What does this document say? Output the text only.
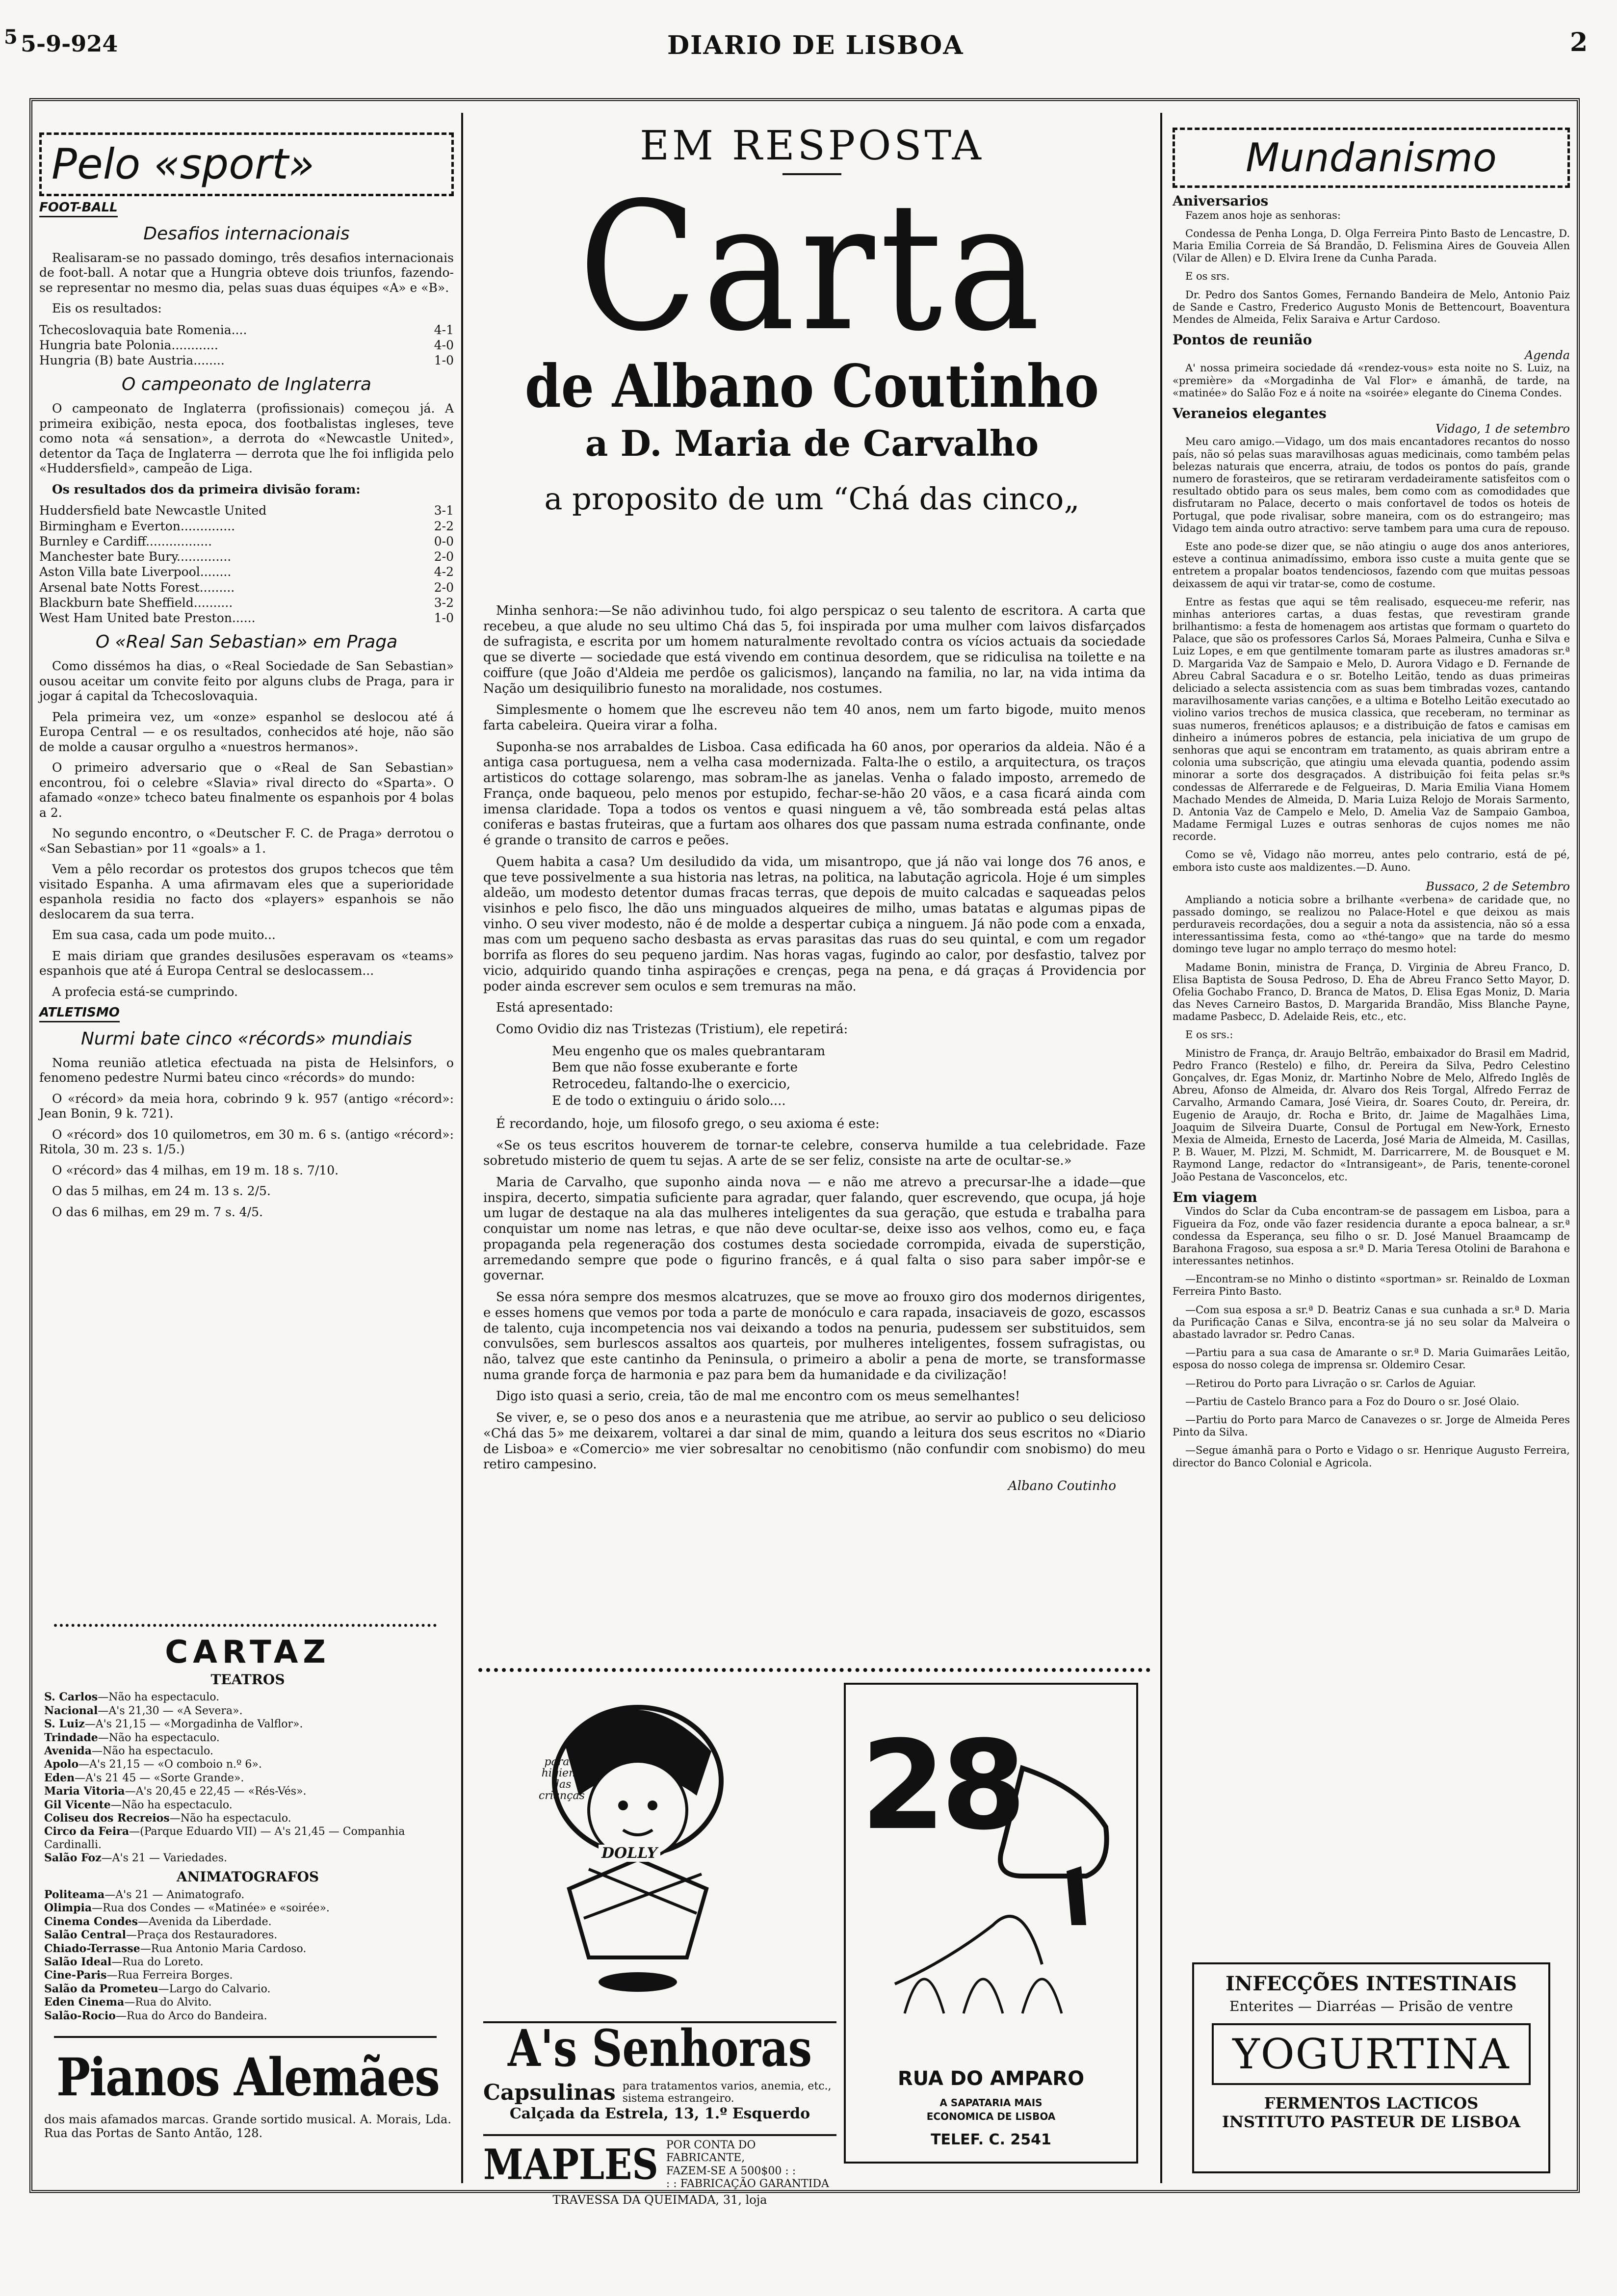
5 5-9-924	DIARIO DE LISBOA	2
Pelo «sport»
FOOT-BALL
Desafios internacionais

Realisaram-se no passado domingo, três desafios internacionais de foot-ball. A notar que a Hungria obteve dois triunfos, fazendo-se representar no mesmo dia, pelas suas duas équipes «A» e «B».

Eis os resultados:

Tchecoslovaquia bate Romenia....	4-1
Hungria bate Polonia............	4-0
Hungria (B) bate Austria........	1-0
O campeonato de Inglaterra

O campeonato de Inglaterra (profissionais) começou já. A primeira exibição, nesta epoca, dos footbalistas ingleses, teve como nota «á sensation», a derrota do «Newcastle United», detentor da Taça de Inglaterra — derrota que lhe foi infligida pelo «Huddersfield», campeão de Liga.

Os resultados dos da primeira divisão foram:

Huddersfield bate Newcastle United	3-1
Birmingham e Everton..............	2-2
Burnley e Cardiff.................	0-0
Manchester bate Bury..............	2-0
Aston Villa bate Liverpool........	4-2
Arsenal bate Notts Forest.........	2-0
Blackburn bate Sheffield..........	3-2
West Ham United bate Preston......	1-0
O «Real San Sebastian» em Praga

Como dissémos ha dias, o «Real Sociedade de San Sebastian» ousou aceitar um convite feito por alguns clubs de Praga, para ir jogar á capital da Tchecoslovaquia.

Pela primeira vez, um «onze» espanhol se deslocou até á Europa Central — e os resultados, conhecidos até hoje, não são de molde a causar orgulho a «nuestros hermanos».

O primeiro adversario que o «Real de San Sebastian» encontrou, foi o celebre «Slavia» rival directo do «Sparta». O afamado «onze» tcheco bateu finalmente os espanhois por 4 bolas a 2.

No segundo encontro, o «Deutscher F. C. de Praga» derrotou o «San Sebastian» por 11 «goals» a 1.

Vem a pêlo recordar os protestos dos grupos tchecos que têm visitado Espanha. A uma afirmavam eles que a superioridade espanhola residia no facto dos «players» espanhois se não deslocarem da sua terra.

Em sua casa, cada um pode muito...

E mais diriam que grandes desilusões esperavam os «teams» espanhois que até á Europa Central se deslocassem...

A profecia está-se cumprindo.

ATLETISMO
Nurmi bate cinco «récords» mundiais

Noma reunião atletica efectuada na pista de Helsinfors, o fenomeno pedestre Nurmi bateu cinco «récords» do mundo:

O «récord» da meia hora, cobrindo 9 k. 957 (antigo «récord»: Jean Bonin, 9 k. 721).

O «récord» dos 10 quilometros, em 30 m. 6 s. (antigo «récord»: Ritola, 30 m. 23 s. 1/5.)

O «récord» das 4 milhas, em 19 m. 18 s. 7/10.

O das 5 milhas, em 24 m. 13 s. 2/5.

O das 6 milhas, em 29 m. 7 s. 4/5.

CARTAZ
TEATROS
S. Carlos—Não ha espectaculo.
Nacional—A's 21,30 — «A Severa».
S. Luiz—A's 21,15 — «Morgadinha de Valflor».
Trindade—Não ha espectaculo.
Avenida—Não ha espectaculo.
Apolo—A's 21,15 — «O comboio n.º 6».
Eden—A's 21 45 — «Sorte Grande».
Maria Vitoria—A's 20,45 e 22,45 — «Rés-Vés».
Gil Vicente—Não ha espectaculo.
Coliseu dos Recreios—Não ha espectaculo.
Circo da Feira—(Parque Eduardo VII) — A's 21,45 — Companhia Cardinalli.
Salão Foz—A's 21 — Variedades.
ANIMATOGRAFOS
Politeama—A's 21 — Animatografo.
Olimpia—Rua dos Condes — «Matinée» e «soirée».
Cinema Condes—Avenida da Liberdade.
Salão Central—Praça dos Restauradores.
Chiado-Terrasse—Rua Antonio Maria Cardoso.
Salão Ideal—Rua do Loreto.
Cine-Paris—Rua Ferreira Borges.
Salão da Prometeu—Largo do Calvario.
Eden Cinema—Rua do Alvito.
Salão-Rocio—Rua do Arco do Bandeira.
Pianos Alemães

dos mais afamados marcas. Grande sortido musical. A. Morais, Lda. Rua das Portas de Santo Antão, 128.

EM RESPOSTA
Carta
de Albano Coutinho
a D. Maria de Carvalho
a proposito de um “Chá das cinco„

Minha senhora:—Se não adivinhou tudo, foi algo perspicaz o seu talento de escritora. A carta que recebeu, a que alude no seu ultimo Chá das 5, foi inspirada por uma mulher com laivos disfarçados de sufragista, e escrita por um homem naturalmente revoltado contra os vícios actuais da sociedade que se diverte — sociedade que está vivendo em continua desordem, que se ridiculisa na toilette e na coiffure (que João d'Aldeia me perdôe os galicismos), lançando na familia, no lar, na vida intima da Nação um desiquilibrio funesto na moralidade, nos costumes.

Simplesmente o homem que lhe escreveu não tem 40 anos, nem um farto bigode, muito menos farta cabeleira. Queira virar a folha.

Suponha-se nos arrabaldes de Lisboa. Casa edificada ha 60 anos, por operarios da aldeia. Não é a antiga casa portuguesa, nem a velha casa modernizada. Falta-lhe o estilo, a arquitectura, os traços artisticos do cottage solarengo, mas sobram-lhe as janelas. Venha o falado imposto, arremedo de França, onde baqueou, pelo menos por estupido, fechar-se-hão 20 vãos, e a casa ficará ainda com imensa claridade. Topa a todos os ventos e quasi ninguem a vê, tão sombreada está pelas altas coniferas e bastas fruteiras, que a furtam aos olhares dos que passam numa estrada confinante, onde é grande o transito de carros e peões.

Quem habita a casa? Um desiludido da vida, um misantropo, que já não vai longe dos 76 anos, e que teve possivelmente a sua historia nas letras, na politica, na labutação agricola. Hoje é um simples aldeão, um modesto detentor dumas fracas terras, que depois de muito calcadas e saqueadas pelos visinhos e pelo fisco, lhe dão uns minguados alqueires de milho, umas batatas e algumas pipas de vinho. O seu viver modesto, não é de molde a despertar cubiça a ninguem. Já não pode com a enxada, mas com um pequeno sacho desbasta as ervas parasitas das ruas do seu quintal, e com um regador borrifa as flores do seu pequeno jardim. Nas horas vagas, fugindo ao calor, por desfastio, talvez por vicio, adquirido quando tinha aspirações e crenças, pega na pena, e dá graças á Providencia por poder ainda escrever sem oculos e sem tremuras na mão.

Está apresentado:

Como Ovidio diz nas Tristezas (Tristium), ele repetirá:

Meu engenho que os males quebrantaram
Bem que não fosse exuberante e forte
Retrocedeu, faltando-lhe o exercicio,
E de todo o extinguiu o árido solo....

É recordando, hoje, um filosofo grego, o seu axioma é este:

«Se os teus escritos houverem de tornar-te celebre, conserva humilde a tua celebridade. Faze sobretudo misterio de quem tu sejas. A arte de se ser feliz, consiste na arte de ocultar-se.»

Maria de Carvalho, que suponho ainda nova — e não me atrevo a precursar-lhe a idade—que inspira, decerto, simpatia suficiente para agradar, quer falando, quer escrevendo, que ocupa, já hoje um lugar de destaque na ala das mulheres inteligentes da sua geração, que estuda e trabalha para conquistar um nome nas letras, e que não deve ocultar-se, deixe isso aos velhos, como eu, e faça propaganda pela regeneração dos costumes desta sociedade corrompida, eivada de superstição, arremedando sempre que pode o figurino francês, e á qual falta o siso para saber impôr-se e governar.

Se essa nóra sempre dos mesmos alcatruzes, que se move ao frouxo giro dos modernos dirigentes, e esses homens que vemos por toda a parte de monóculo e cara rapada, insaciaveis de gozo, escassos de talento, cuja incompetencia nos vai deixando a todos na penuria, pudessem ser substituidos, sem convulsões, sem burlescos assaltos aos quarteis, por mulheres inteligentes, fossem sufragistas, ou não, talvez que este cantinho da Peninsula, o primeiro a abolir a pena de morte, se transformasse numa grande força de harmonia e paz para bem da humanidade e da civilização!

Digo isto quasi a serio, creia, tão de mal me encontro com os meus semelhantes!

Se viver, e, se o peso dos anos e a neurastenia que me atribue, ao servir ao publico o seu delicioso «Chá das 5» me deixarem, voltarei a dar sinal de mim, quando a leitura dos seus escritos no «Diario de Lisboa» e «Comercio» me vier sobresaltar no cenobitismo (não confundir com snobismo) do meu retiro campesino.

Albano Coutinho
para a
higiene
das
crianças
DOLLY 28
RUA DO AMPARO
A SAPATARIA MAIS
ECONOMICA DE LISBOA
TELEF. C. 2541
A's Senhoras
Capsulinas para tratamentos varios, anemia, etc., sistema estrangeiro.
Calçada da Estrela, 13, 1.º Esquerdo
MAPLES POR CONTA DO FABRICANTE,
FAZEM-SE A 500$00 : :
: : FABRICAÇÃO GARANTIDA
TRAVESSA DA QUEIMADA, 31, loja
Mundanismo
Aniversarios

Fazem anos hoje as senhoras:

Condessa de Penha Longa, D. Olga Ferreira Pinto Basto de Lencastre, D. Maria Emilia Correia de Sá Brandão, D. Felismina Aires de Gouveia Allen (Vilar de Allen) e D. Elvira Irene da Cunha Parada.

E os srs.

Dr. Pedro dos Santos Gomes, Fernando Bandeira de Melo, Antonio Paiz de Sande e Castro, Frederico Augusto Monis de Bettencourt, Boaventura Mendes de Almeida, Felix Saraiva e Artur Cardoso.

Pontos de reunião
Agenda

A' nossa primeira sociedade dá «rendez-vous» esta noite no S. Luiz, na «première» da «Morgadinha de Val Flor» e ámanhã, de tarde, na «matinée» do Salão Foz e á noite na «soirée» elegante do Cinema Condes.

Veraneios elegantes
Vidago, 1 de setembro

Meu caro amigo.—Vidago, um dos mais encantadores recantos do nosso país, não só pelas suas maravilhosas aguas medicinais, como também pelas belezas naturais que encerra, atraiu, de todos os pontos do país, grande numero de forasteiros, que se retiraram verdadeiramente satisfeitos com o resultado obtido para os seus males, bem como com as comodidades que disfrutaram no Palace, decerto o mais confortavel de todos os hoteis de Portugal, que pode rivalisar, sobre maneira, com os do estrangeiro; mas Vidago tem ainda outro atractivo: serve tambem para uma cura de repouso.

Este ano pode-se dizer que, se não atingiu o auge dos anos anteriores, esteve a continua animadíssimo, embora isso custe a muita gente que se entretem a propalar boatos tendenciosos, fazendo com que muitas pessoas deixassem de aqui vir tratar-se, como de costume.

Entre as festas que aqui se têm realisado, esqueceu-me referir, nas minhas anteriores cartas, a duas festas, que revestiram grande brilhantismo: a festa de homenagem aos artistas que formam o quarteto do Palace, que são os professores Carlos Sá, Moraes Palmeira, Cunha e Silva e Luiz Lopes, e em que gentilmente tomaram parte as ilustres amadoras sr.ª D. Margarida Vaz de Sampaio e Melo, D. Aurora Vidago e D. Fernande de Abreu Cabral Sacadura e o sr. Botelho Leitão, tendo as duas primeiras deliciado a selecta assistencia com as suas bem timbradas vozes, cantando maravilhosamente varias canções, e a ultima e Botelho Leitão executado ao violino varios trechos de musica classica, que receberam, no terminar as suas numeros, frenéticos aplausos; e a distribuição de fatos e camisas em dinheiro a inúmeros pobres de estancia, pela iniciativa de um grupo de senhoras que aqui se encontram em tratamento, as quais abriram entre a colonia uma subscrição, que atingiu uma elevada quantia, podendo assim minorar a sorte dos desgraçados. A distribuição foi feita pelas sr.ªs condessas de Alferrarede e de Felgueiras, D. Maria Emilia Viana Homem Machado Mendes de Almeida, D. Maria Luiza Relojo de Morais Sarmento, D. Antonia Vaz de Campelo e Melo, D. Amelia Vaz de Sampaio Gamboa, Madame Fermigal Luzes e outras senhoras de cujos nomes me não recorde.

Como se vê, Vidago não morreu, antes pelo contrario, está de pé, embora isto custe aos maldizentes.—D. Auno.

Bussaco, 2 de Setembro

Ampliando a noticia sobre a brilhante «verbena» de caridade que, no passado domingo, se realizou no Palace-Hotel e que deixou as mais perduraveis recordações, dou a seguir a nota da assistencia, não só a essa interessantissima festa, como ao «thé-tango» que na tarde do mesmo domingo teve lugar no amplo terraço do mesmo hotel:

Madame Bonin, ministra de França, D. Virginia de Abreu Franco, D. Elisa Baptista de Sousa Pedroso, D. Eha de Abreu Franco Setto Mayor, D. Ofelia Gochabo Franco, D. Branca de Matos, D. Elisa Egas Moniz, D. Maria das Neves Carneiro Bastos, D. Margarida Brandão, Miss Blanche Payne, madame Pasbecc, D. Adelaide Reis, etc., etc.

E os srs.:

Ministro de França, dr. Araujo Beltrão, embaixador do Brasil em Madrid, Pedro Franco (Restelo) e filho, dr. Pereira da Silva, Pedro Celestino Gonçalves, dr. Egas Moniz, dr. Martinho Nobre de Melo, Alfredo Inglês de Abreu, Afonso de Almeida, dr. Alvaro dos Reis Torgal, Alfredo Ferraz de Carvalho, Armando Camara, José Vieira, dr. Soares Couto, dr. Pereira, dr. Eugenio de Araujo, dr. Rocha e Brito, dr. Jaime de Magalhães Lima, Joaquim de Silveira Duarte, Consul de Portugal em New-York, Ernesto Mexia de Almeida, Ernesto de Lacerda, José Maria de Almeida, M. Casillas, P. B. Wauer, M. Plzzi, M. Schmidt, M. Darricarrere, M. de Bousquet e M. Raymond Lange, redactor do «Intransigeant», de Paris, tenente-coronel João Pestana de Vasconcelos, etc.

Em viagem

Vindos do Sclar da Cuba encontram-se de passagem em Lisboa, para a Figueira da Foz, onde vão fazer residencia durante a epoca balnear, a sr.ª condessa da Esperança, seu filho o sr. D. José Manuel Braamcamp de Barahona Fragoso, sua esposa a sr.ª D. Maria Teresa Otolini de Barahona e interessantes netinhos.

—Encontram-se no Minho o distinto «sportman» sr. Reinaldo de Loxman Ferreira Pinto Basto.

—Com sua esposa a sr.ª D. Beatriz Canas e sua cunhada a sr.ª D. Maria da Purificação Canas e Silva, encontra-se já no seu solar da Malveira o abastado lavrador sr. Pedro Canas.

—Partiu para a sua casa de Amarante o sr.ª D. Maria Guimarães Leitão, esposa do nosso colega de imprensa sr. Oldemiro Cesar.

—Retirou do Porto para Livração o sr. Carlos de Aguiar.

—Partiu de Castelo Branco para a Foz do Douro o sr. José Olaio.

—Partiu do Porto para Marco de Canavezes o sr. Jorge de Almeida Peres Pinto da Silva.

—Segue ámanhã para o Porto e Vidago o sr. Henrique Augusto Ferreira, director do Banco Colonial e Agricola.

INFECÇÕES INTESTINAIS
Enterites — Diarréas — Prisão de ventre
YOGURTINA
FERMENTOS LACTICOS
INSTITUTO PASTEUR DE LISBOA
